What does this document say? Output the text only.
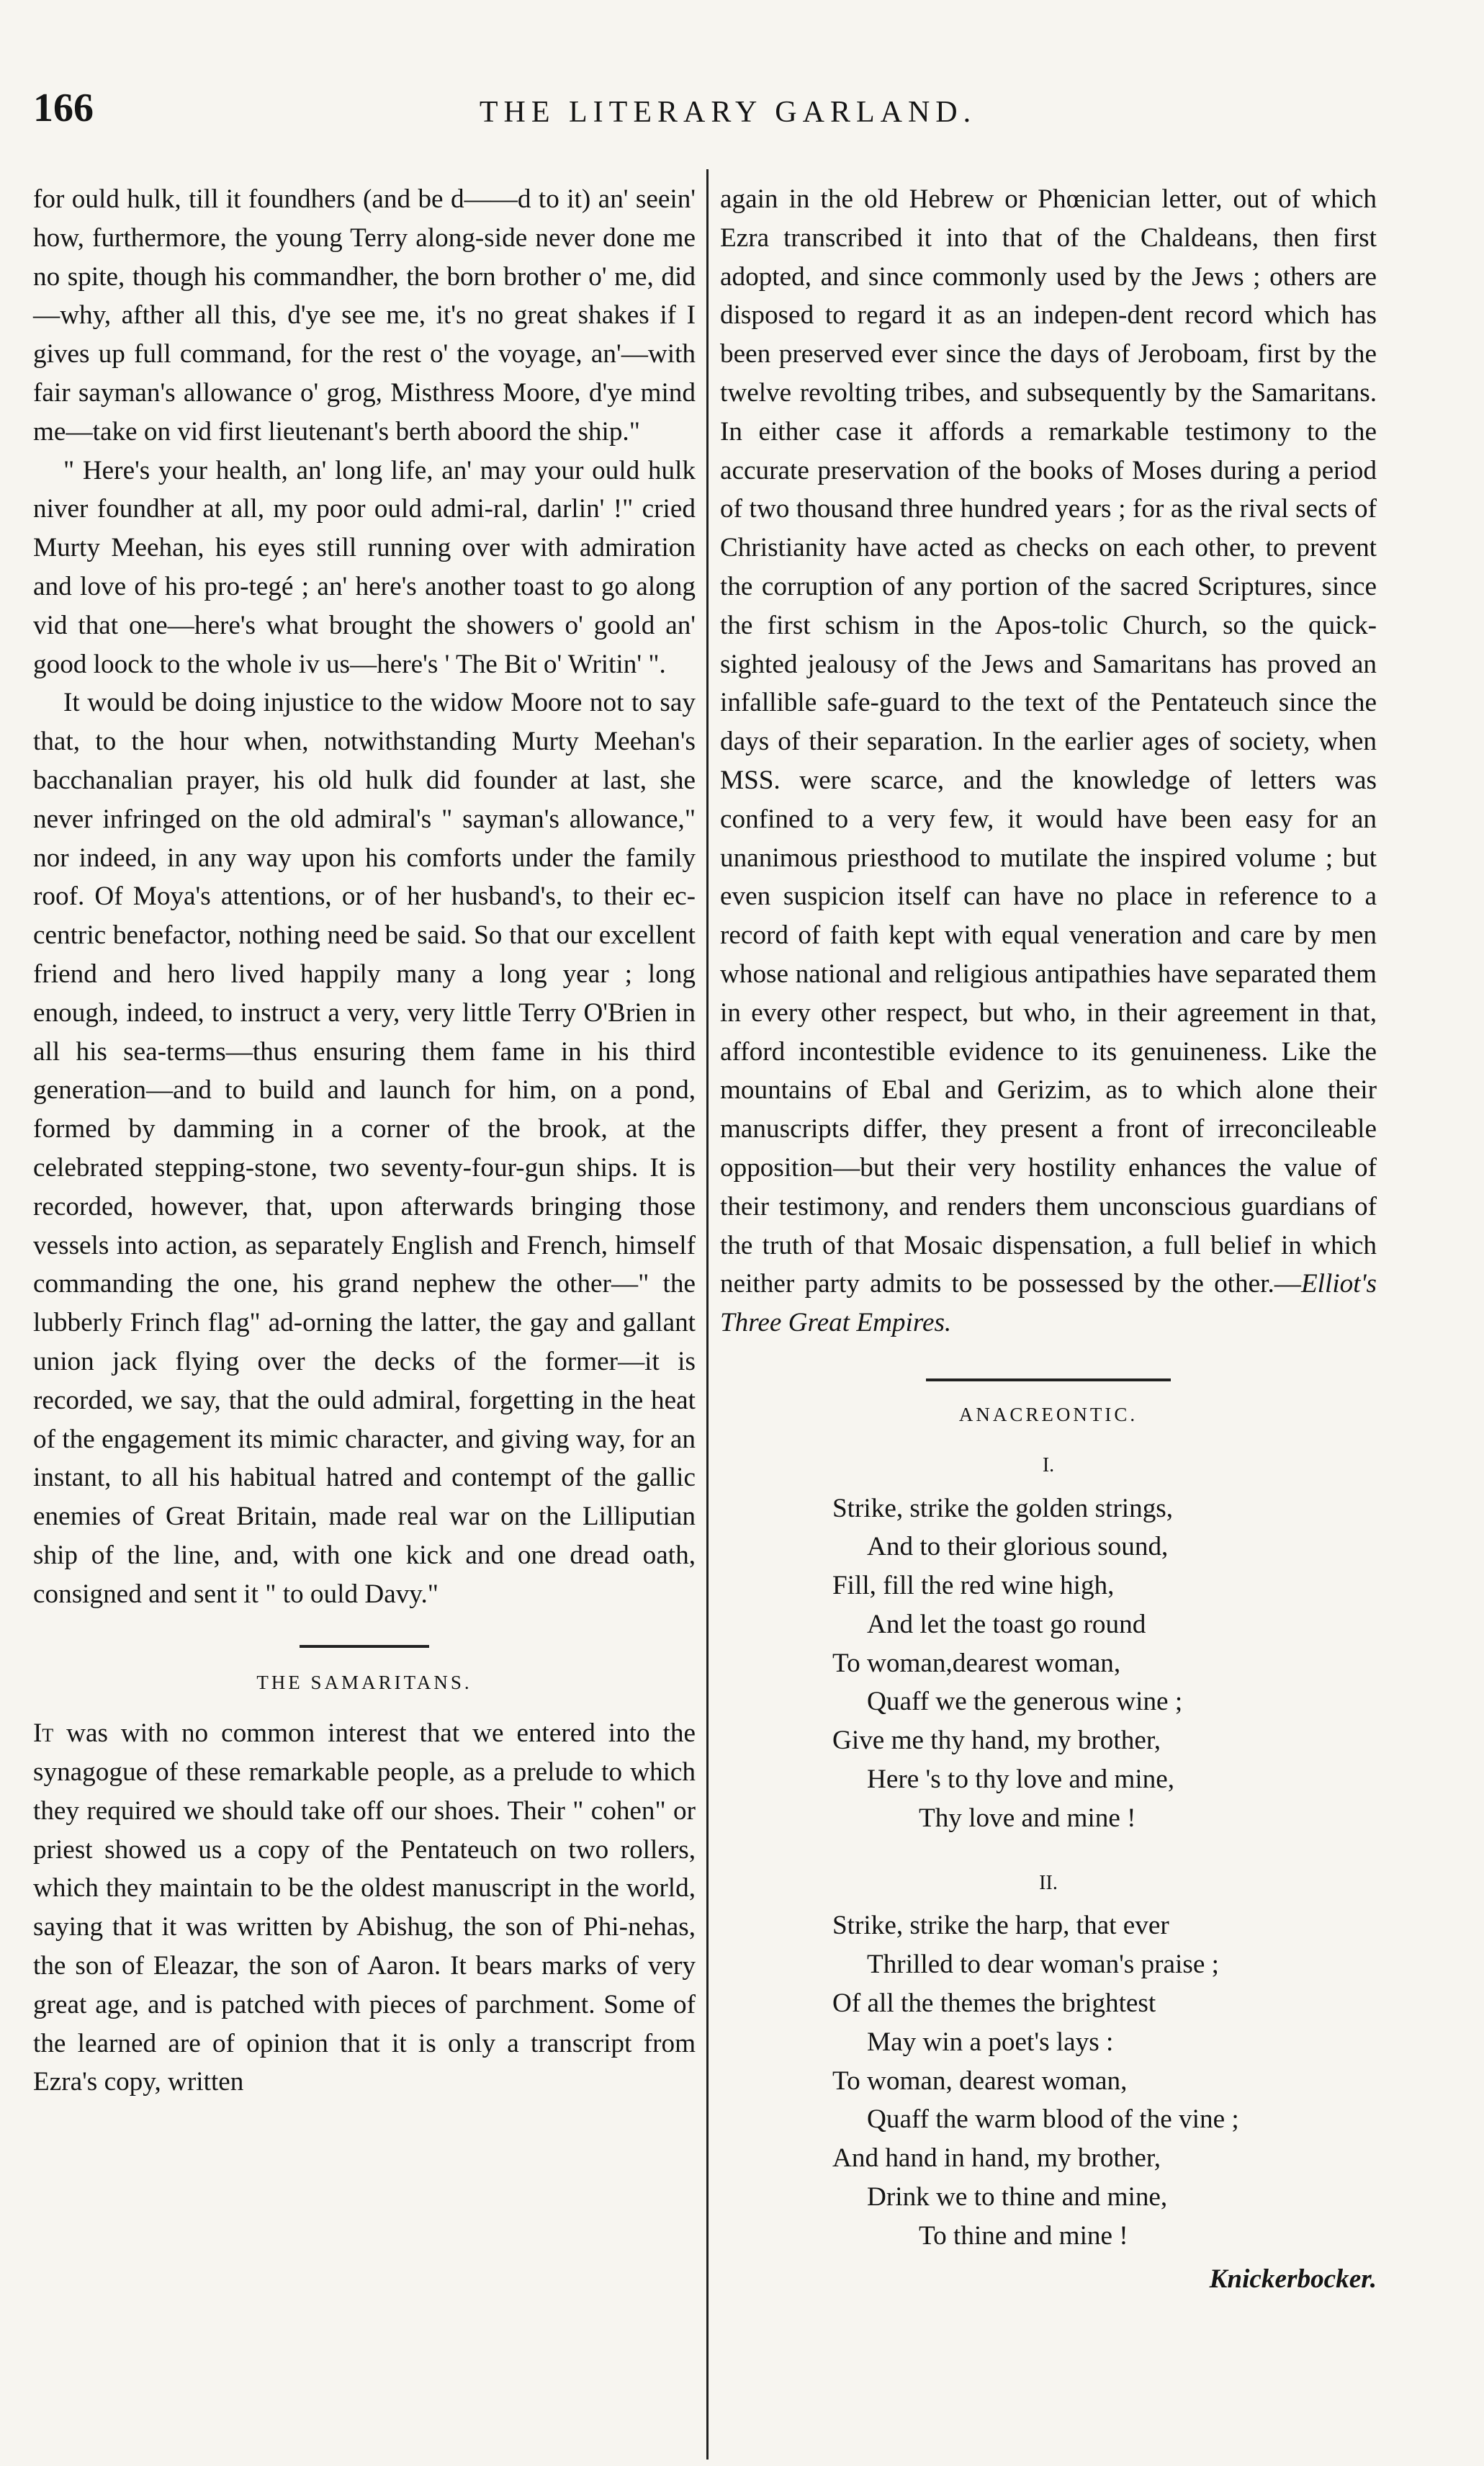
166	THE LITERARY GARLAND.

for ould hulk, till it foundhers (and be d——d to it) an' seein' how, furthermore, the young Terry along-side never done me no spite, though his commandher, the born brother o' me, did—why, afther all this, d'ye see me, it's no great shakes if I gives up full command, for the rest o' the voyage, an'—with fair sayman's allowance o' grog, Misthress Moore, d'ye mind me—take on vid first lieutenant's berth aboord the ship."

" Here's your health, an' long life, an' may your ould hulk niver foundher at all, my poor ould admi-ral, darlin' !" cried Murty Meehan, his eyes still running over with admiration and love of his pro-tegé ; an' here's another toast to go along vid that one—here's what brought the showers o' goold an' good loock to the whole iv us—here's ' The Bit o' Writin' ".

It would be doing injustice to the widow Moore not to say that, to the hour when, notwithstanding Murty Meehan's bacchanalian prayer, his old hulk did founder at last, she never infringed on the old admiral's " sayman's allowance," nor indeed, in any way upon his comforts under the family roof. Of Moya's attentions, or of her husband's, to their ec-centric benefactor, nothing need be said. So that our excellent friend and hero lived happily many a long year ; long enough, indeed, to instruct a very, very little Terry O'Brien in all his sea-terms—thus ensuring them fame in his third generation—and to build and launch for him, on a pond, formed by damming in a corner of the brook, at the celebrated stepping-stone, two seventy-four-gun ships. It is recorded, however, that, upon afterwards bringing those vessels into action, as separately English and French, himself commanding the one, his grand nephew the other—" the lubberly Frinch flag" ad-orning the latter, the gay and gallant union jack flying over the decks of the former—it is recorded, we say, that the ould admiral, forgetting in the heat of the engagement its mimic character, and giving way, for an instant, to all his habitual hatred and contempt of the gallic enemies of Great Britain, made real war on the Lilliputian ship of the line, and, with one kick and one dread oath, consigned and sent it " to ould Davy."

THE SAMARITANS.

It was with no common interest that we entered into the synagogue of these remarkable people, as a prelude to which they required we should take off our shoes. Their " cohen" or priest showed us a copy of the Pentateuch on two rollers, which they maintain to be the oldest manuscript in the world, saying that it was written by Abishug, the son of Phi-nehas, the son of Eleazar, the son of Aaron. It bears marks of very great age, and is patched with pieces of parchment. Some of the learned are of opinion that it is only a transcript from Ezra's copy, written

again in the old Hebrew or Phœnician letter, out of which Ezra transcribed it into that of the Chaldeans, then first adopted, and since commonly used by the Jews ; others are disposed to regard it as an indepen-dent record which has been preserved ever since the days of Jeroboam, first by the twelve revolting tribes, and subsequently by the Samaritans. In either case it affords a remarkable testimony to the accurate preservation of the books of Moses during a period of two thousand three hundred years ; for as the rival sects of Christianity have acted as checks on each other, to prevent the corruption of any portion of the sacred Scriptures, since the first schism in the Apos-tolic Church, so the quick-sighted jealousy of the Jews and Samaritans has proved an infallible safe-guard to the text of the Pentateuch since the days of their separation. In the earlier ages of society, when MSS. were scarce, and the knowledge of letters was confined to a very few, it would have been easy for an unanimous priesthood to mutilate the inspired volume ; but even suspicion itself can have no place in reference to a record of faith kept with equal veneration and care by men whose national and religious antipathies have separated them in every other respect, but who, in their agreement in that, afford incontestible evidence to its genuineness. Like the mountains of Ebal and Gerizim, as to which alone their manuscripts differ, they present a front of irreconcileable opposition—but their very hostility enhances the value of their testimony, and renders them unconscious guardians of the truth of that Mosaic dispensation, a full belief in which neither party admits to be possessed by the other.—Elliot's Three Great Empires.

ANACREONTIC.
I.
Strike, strike the golden strings,
And to their glorious sound,
Fill, fill the red wine high,
And let the toast go round
To woman,dearest woman,
Quaff we the generous wine ;
Give me thy hand, my brother,
Here 's to thy love and mine,
Thy love and mine !
II.
Strike, strike the harp, that ever
Thrilled to dear woman's praise ;
Of all the themes the brightest
May win a poet's lays :
To woman, dearest woman,
Quaff the warm blood of the vine ;
And hand in hand, my brother,
Drink we to thine and mine,
To thine and mine !
Knickerbocker.
